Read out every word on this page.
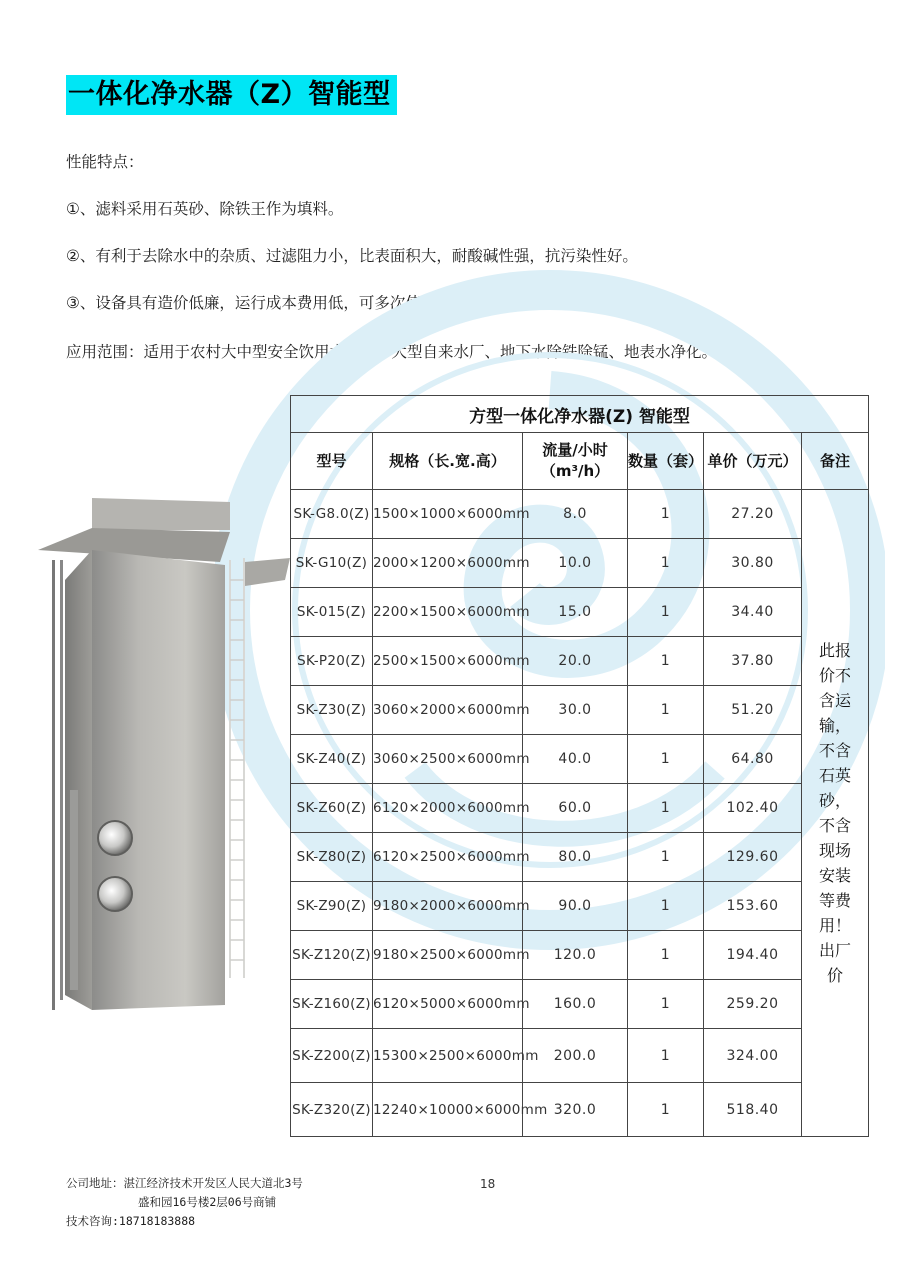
一体化净水器（Z）智能型
性能特点：
①、滤料采用石英砂、除铁王作为填料。
②、有利于去除水中的杂质、过滤阻力小，比表面积大，耐酸碱性强，抗污染性好。
③、设备具有造价低廉，运行成本费用低，可多次使用，滤料使用寿长。
应用范围：适用于农村大中型安全饮用水工程、大型自来水厂、地下水除铁除锰、地表水净化。
方型一体化净水器(Z) 智能型					
型号	规格（长.宽.高）	流量/小时（m³/h）	数量（套）	单价（万元）	备注
SK-G8.0(Z)	1500×1000×6000mm	8.0	1	27.20	此报价不含运输，不含石英砂，不含现场安装等费用！出厂价
SK-G10(Z)	2000×1200×6000mm	10.0	1	30.80	
SK-015(Z)	2200×1500×6000mm	15.0	1	34.40	
SK-P20(Z)	2500×1500×6000mm	20.0	1	37.80	
SK-Z30(Z)	3060×2000×6000mm	30.0	1	51.20	
SK-Z40(Z)	3060×2500×6000mm	40.0	1	64.80	
SK-Z60(Z)	6120×2000×6000mm	60.0	1	102.40	
SK-Z80(Z)	6120×2500×6000mm	80.0	1	129.60	
SK-Z90(Z)	9180×2000×6000mm	90.0	1	153.60	
SK-Z120(Z)	9180×2500×6000mm	120.0	1	194.40	
SK-Z160(Z)	6120×5000×6000mm	160.0	1	259.20	
SK-Z200(Z)	15300×2500×6000mm	200.0	1	324.00	
SK-Z320(Z)	12240×10000×6000mm	320.0	1	518.40	
公司地址：湛江经济技术开发区人民大道北3号
盛和园16号楼2层06号商铺
技术咨询:18718183888
18
